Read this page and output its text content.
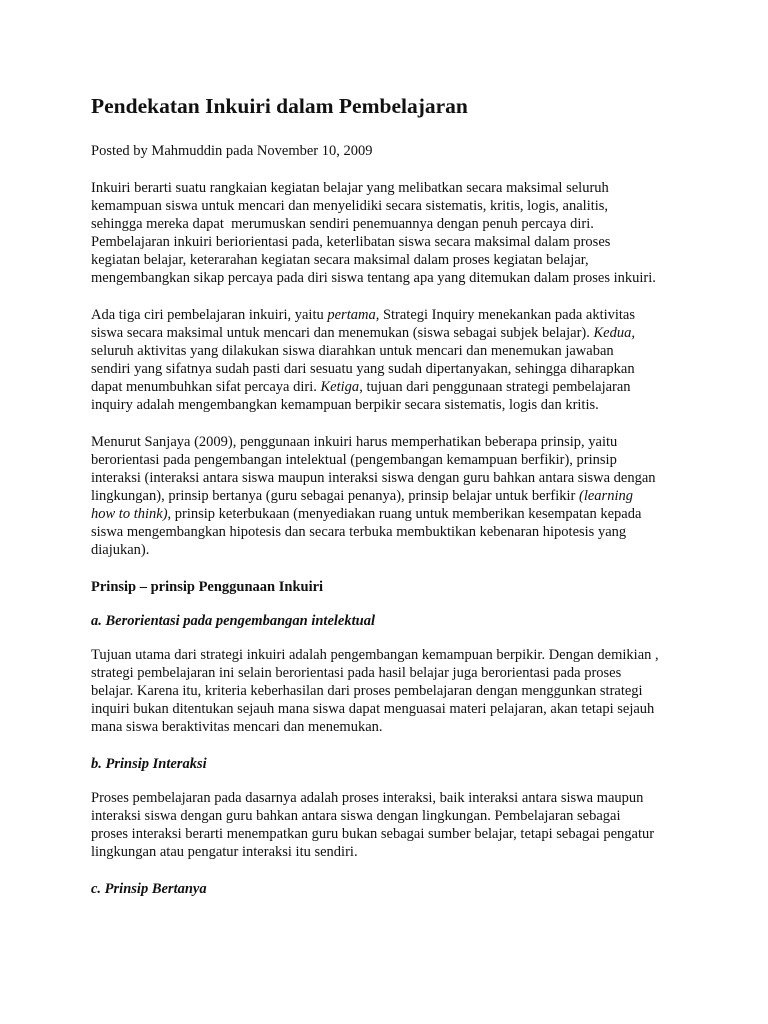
Pendekatan Inkuiri dalam Pembelajaran

Posted by Mahmuddin pada November 10, 2009

Inkuiri berarti suatu rangkaian kegiatan belajar yang melibatkan secara maksimal seluruh
kemampuan siswa untuk mencari dan menyelidiki secara sistematis, kritis, logis, analitis,
sehingga mereka dapat  merumuskan sendiri penemuannya dengan penuh percaya diri.
Pembelajaran inkuiri beriorientasi pada, keterlibatan siswa secara maksimal dalam proses
kegiatan belajar, keterarahan kegiatan secara maksimal dalam proses kegiatan belajar,
mengembangkan sikap percaya pada diri siswa tentang apa yang ditemukan dalam proses inkuiri.

Ada tiga ciri pembelajaran inkuiri, yaitu pertama, Strategi Inquiry menekankan pada aktivitas
siswa secara maksimal untuk mencari dan menemukan (siswa sebagai subjek belajar). Kedua,
seluruh aktivitas yang dilakukan siswa diarahkan untuk mencari dan menemukan jawaban
sendiri yang sifatnya sudah pasti dari sesuatu yang sudah dipertanyakan, sehingga diharapkan
dapat menumbuhkan sifat percaya diri. Ketiga, tujuan dari penggunaan strategi pembelajaran
inquiry adalah mengembangkan kemampuan berpikir secara sistematis, logis dan kritis.

Menurut Sanjaya (2009), penggunaan inkuiri harus memperhatikan beberapa prinsip, yaitu
berorientasi pada pengembangan intelektual (pengembangan kemampuan berfikir), prinsip
interaksi (interaksi antara siswa maupun interaksi siswa dengan guru bahkan antara siswa dengan
lingkungan), prinsip bertanya (guru sebagai penanya), prinsip belajar untuk berfikir (learning
how to think), prinsip keterbukaan (menyediakan ruang untuk memberikan kesempatan kepada
siswa mengembangkan hipotesis dan secara terbuka membuktikan kebenaran hipotesis yang
diajukan).

Prinsip – prinsip Penggunaan Inkuiri

a. Berorientasi pada pengembangan intelektual

Tujuan utama dari strategi inkuiri adalah pengembangan kemampuan berpikir. Dengan demikian ,
strategi pembelajaran ini selain berorientasi pada hasil belajar juga berorientasi pada proses
belajar. Karena itu, kriteria keberhasilan dari proses pembelajaran dengan menggunkan strategi
inquiri bukan ditentukan sejauh mana siswa dapat menguasai materi pelajaran, akan tetapi sejauh
mana siswa beraktivitas mencari dan menemukan.

b. Prinsip Interaksi

Proses pembelajaran pada dasarnya adalah proses interaksi, baik interaksi antara siswa maupun
interaksi siswa dengan guru bahkan antara siswa dengan lingkungan. Pembelajaran sebagai
proses interaksi berarti menempatkan guru bukan sebagai sumber belajar, tetapi sebagai pengatur
lingkungan atau pengatur interaksi itu sendiri.

c. Prinsip Bertanya
